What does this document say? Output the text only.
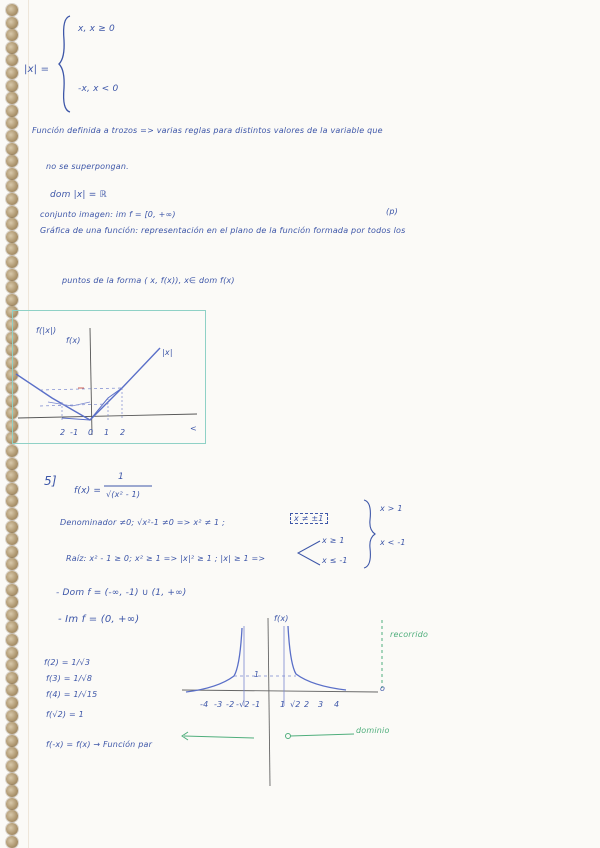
|x| =
x, x ≥ 0
-x, x < 0
Función definida a trozos => varias reglas para distintos valores de la variable que
no se superpongan.
dom |x| = ℝ
conjunto imagen: im f = [0, +∞)	(p)
Gráfica de una función: representación en el plano de la función formada por todos los
puntos de la forma ( x, f(x)), x∈ dom f(x)
f(|x|)
f(x)
|x|
2 -1 0 1 2	<
5]
f(x) =
1
√(x² - 1)
Denominador ≠0; √x²-1 ≠0 => x² ≠ 1 ;	x ≠ ±1
x > 1
x < -1
Raíz: x² - 1 ≥ 0; x² ≥ 1 => |x|² ≥ 1 ; |x| ≥ 1 =>
x ≥ 1
x ≤ -1
- Dom f = (-∞, -1) ∪ (1, +∞)
- Im f = (0, +∞)
f(2) = 1/√3
f(3) = 1/√8
f(4) = 1/√15
f(√2) = 1
f(-x) = f(x) → Función par
f(x)
recorrido
dominio
1
o
-4 -3 -2 -√2 -1 1 √2 2 3 4
